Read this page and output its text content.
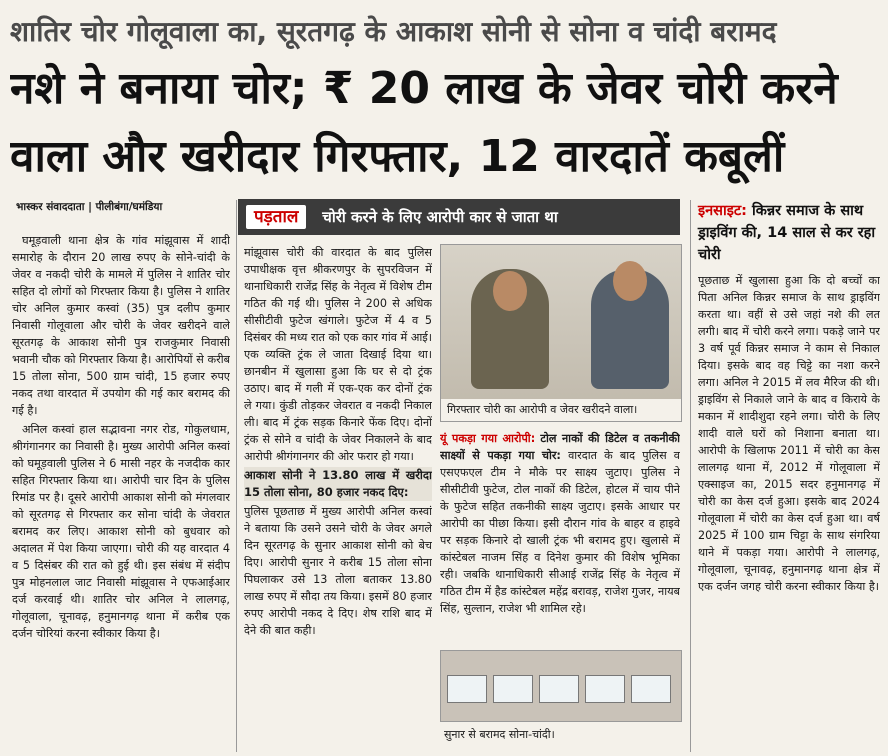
शातिर चोर गोलूवाला का, सूरतगढ़ के आकाश सोनी से सोना व चांदी बरामद
नशे ने बनाया चोर; ₹ 20 लाख के जेवर चोरी करने
वाला और खरीदार गिरफ्तार, 12 वारदातें कबूलीं
भास्कर संवाददाता | पीलीबंगा/घमंडिया

घमूड़वाली थाना क्षेत्र के गांव मांझूवास में शादी समारोह के दौरान 20 लाख रुपए के सोने-चांदी के जेवर व नकदी चोरी के मामले में पुलिस ने शातिर चोर सहित दो लोगों को गिरफ्तार किया है। पुलिस ने शातिर चोर अनिल कुमार कस्वां (35) पुत्र दलीप कुमार निवासी गोलूवाला और चोरी के जेवर खरीदने वाले सूरतगढ़ के आकाश सोनी पुत्र राजकुमार निवासी भवानी चौक को गिरफ्तार किया है। आरोपियों से करीब 15 तोला सोना, 500 ग्राम चांदी, 15 हजार रुपए नकद तथा वारदात में उपयोग की गई कार बरामद की गई है।

अनिल कस्वां हाल सद्भावना नगर रोड, गोकुलधाम, श्रीगंगानगर का निवासी है। मुख्य आरोपी अनिल कस्वां को घमूड़वाली पुलिस ने 6 मासी नहर के नजदीक कार सहित गिरफ्तार किया था। आरोपी चार दिन के पुलिस रिमांड पर है। दूसरे आरोपी आकाश सोनी को मंगलवार को सूरतगढ़ से गिरफ्तार कर सोना चांदी के जेवरात बरामद कर लिए। आकाश सोनी को बुधवार को अदालत में पेश किया जाएगा। चोरी की यह वारदात 4 व 5 दिसंबर की रात को हुई थी। इस संबंध में संदीप पुत्र मोहनलाल जाट निवासी मांझूवास ने एफआईआर दर्ज करवाई थी। शातिर चोर अनिल ने लालगढ़, गोलूवाला, चूनावढ़, हनुमानगढ़ थाना में करीब एक दर्जन चोरियां करना स्वीकार किया है।

पड़ताल चोरी करने के लिए आरोपी कार से जाता था

मांझूवास चोरी की वारदात के बाद पुलिस उपाधीक्षक वृत्त श्रीकरणपुर के सुपरविजन में थानाधिकारी राजेंद्र सिंह के नेतृत्व में विशेष टीम गठित की गई थी। पुलिस ने 200 से अधिक सीसीटीवी फुटेज खंगाले। फुटेज में 4 व 5 दिसंबर की मध्य रात को एक कार गांव में आई। एक व्यक्ति ट्रंक ले जाता दिखाई दिया था। छानबीन में खुलासा हुआ कि घर से दो ट्रंक उठाए। बाद में गली में एक-एक कर दोनों ट्रंक ले गया। कुंडी तोड़कर जेवरात व नकदी निकाल ली। बाद में ट्रंक सड़क किनारे फेंक दिए। दोनों ट्रंक से सोने व चांदी के जेवर निकालने के बाद आरोपी श्रीगंगानगर की ओर फरार हो गया।

आकाश सोनी ने 13.80 लाख में खरीदा 15 तोला सोना, 80 हजार नकद दिए:

पुलिस पूछताछ में मुख्य आरोपी अनिल कस्वां ने बताया कि उसने उसने चोरी के जेवर अगले दिन सूरतगढ़ के सुनार आकाश सोनी को बेच दिए। आरोपी सुनार ने करीब 15 तोला सोना पिघलाकर उसे 13 तोला बताकर 13.80 लाख रुपए में सौदा तय किया। इसमें 80 हजार रुपए आरोपी नकद दे दिए। शेष राशि बाद में देने की बात कही।

गिरफ्तार चोरी का आरोपी व जेवर खरीदने वाला।
यूं पकड़ा गया आरोपी: टोल नाकों की डिटेल व तकनीकी साक्ष्यों से पकड़ा गया चोर: वारदात के बाद पुलिस व एसएफएल टीम ने मौके पर साक्ष्य जुटाए। पुलिस ने सीसीटीवी फुटेज, टोल नाकों की डिटेल, होटल में चाय पीने के फुटेज सहित तकनीकी साक्ष्य जुटाए। इसके आधार पर आरोपी का पीछा किया। इसी दौरान गांव के बाहर व हाइवे पर सड़क किनारे दो खाली ट्रंक भी बरामद हुए। खुलासे में कांस्टेबल नाजम सिंह व दिनेश कुमार की विशेष भूमिका रही। जबकि थानाधिकारी सीआई राजेंद्र सिंह के नेतृत्व में गठित टीम में हैड कांस्टेबल महेंद्र बरावड़, राजेश गुजर, नायब सिंह, सुल्तान, राजेश भी शामिल रहे।
सुनार से बरामद सोना-चांदी।
इनसाइट: किन्नर समाज के साथ ड्राइविंग की, 14 साल से कर रहा चोरी
पूछताछ में खुलासा हुआ कि दो बच्चों का पिता अनिल किन्नर समाज के साथ ड्राइविंग करता था। वहीं से उसे जहां नशे की लत लगी। बाद में चोरी करने लगा। पकड़े जाने पर 3 वर्ष पूर्व किन्नर समाज ने काम से निकाल दिया। इसके बाद वह चिट्टे का नशा करने लगा। अनिल ने 2015 में लव मैरिज की थी। ड्राइविंग से निकाले जाने के बाद व किराये के मकान में शादीशुदा रहने लगा। चोरी के लिए शादी वाले घरों को निशाना बनाता था। आरोपी के खिलाफ 2011 में चोरी का केस लालगढ़ थाना में, 2012 में गोलूवाला में एक्साइज का, 2015 सदर हनुमानगढ़ में चोरी का केस दर्ज हुआ। इसके बाद 2024 गोलूवाला में चोरी का केस दर्ज हुआ था। वर्ष 2025 में 100 ग्राम चिट्टा के साथ संगरिया थाने में पकड़ा गया। आरोपी ने लालगढ़, गोलूवाला, चूनावढ़, हनुमानगढ़ थाना क्षेत्र में एक दर्जन जगह चोरी करना स्वीकार किया है।
